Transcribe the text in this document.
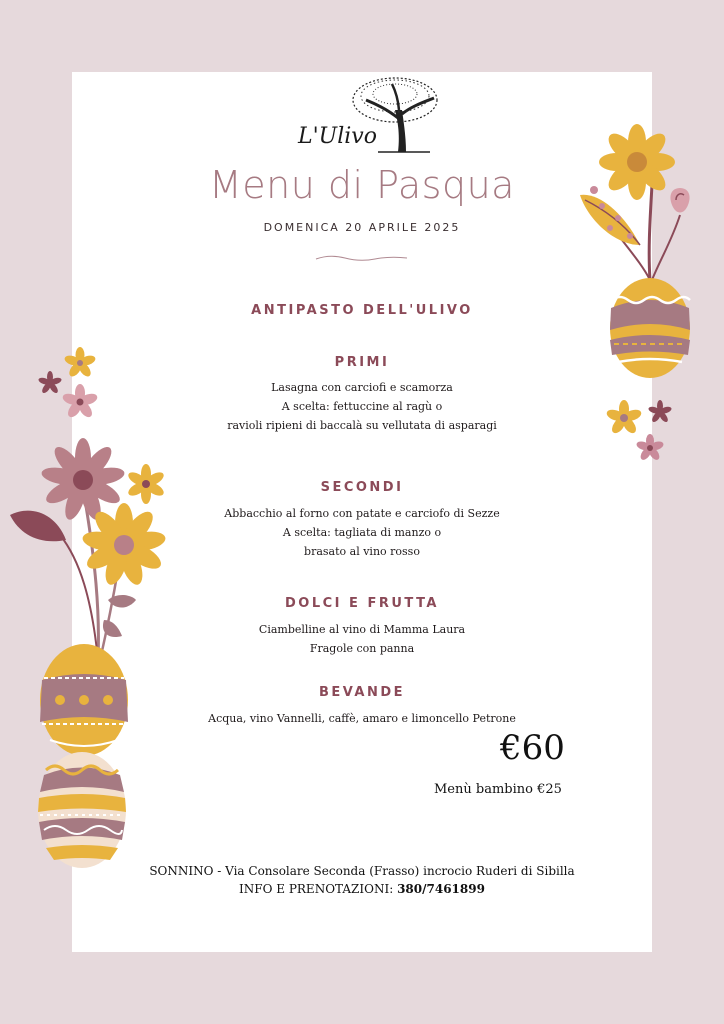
L'Ulivo
Menu di Pasqua
DOMENICA 20 APRILE 2025
ANTIPASTO DELL'ULIVO
PRIMI
Lasagna con carciofi e scamorza
A scelta: fettuccine al ragù o
ravioli ripieni di baccalà su vellutata di asparagi
SECONDI
Abbacchio al forno con patate e carciofo di Sezze
A scelta: tagliata di manzo o
brasato al vino rosso
DOLCI E FRUTTA
Ciambelline al vino di Mamma Laura
Fragole con panna
BEVANDE
Acqua, vino Vannelli, caffè, amaro e limoncello Petrone
€60
Menù bambino €25
SONNINO - Via Consolare Seconda (Frasso) incrocio Ruderi di Sibilla
INFO E PRENOTAZIONI: 380/7461899
